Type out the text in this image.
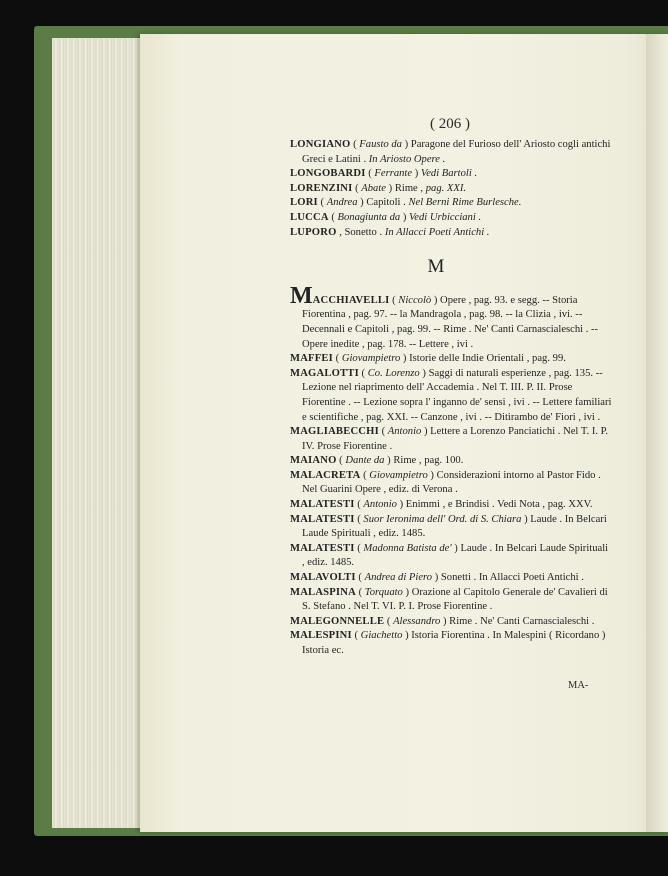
( 206 )

LONGIANO ( Fausto da ) Paragone del Furioso dell' Ariosto cogli antichi Greci e Latini . In Ariosto Opere .

LONGOBARDI ( Ferrante ) Vedi Bartoli .

LORENZINI ( Abate ) Rime , pag. XXI.

LORI ( Andrea ) Capitoli . Nel Berni Rime Burlesche.

LUCCA ( Bonagiunta da ) Vedi Urbicciani .

LUPORO , Sonetto . In Allacci Poeti Antichi .

M

MACCHIAVELLI ( Niccolò ) Opere , pag. 93. e segg. -- Storia Fiorentina , pag. 97. -- la Mandragola , pag. 98. -- la Clizia , ivi. -- Decennali e Capitoli , pag. 99. -- Rime . Ne' Canti Carnascialeschi . -- Opere inedite , pag. 178. -- Lettere , ivi .

MAFFEI ( Giovampietro ) Istorie delle Indie Orientali , pag. 99.

MAGALOTTI ( Co. Lorenzo ) Saggi di naturali esperienze , pag. 135. -- Lezione nel riaprimento dell' Accademia . Nel T. III. P. II. Prose Fiorentine . -- Lezione sopra l' inganno de' sensi , ivi . -- Lettere familiari e scientifiche , pag. XXI. -- Canzone , ivi . -- Ditirambo de' Fiori , ivi .

MAGLIABECCHI ( Antonio ) Lettere a Lorenzo Panciatichi . Nel T. I. P. IV. Prose Fiorentine .

MAIANO ( Dante da ) Rime , pag. 100.

MALACRETA ( Giovampietro ) Considerazioni intorno al Pastor Fido . Nel Guarini Opere , ediz. di Verona .

MALATESTI ( Antonio ) Enimmi , e Brindisi . Vedi Nota , pag. XXV.

MALATESTI ( Suor Ieronima dell' Ord. di S. Chiara ) Laude . In Belcari Laude Spirituali , ediz. 1485.

MALATESTI ( Madonna Batista de' ) Laude . In Belcari Laude Spirituali , ediz. 1485.

MALAVOLTI ( Andrea di Piero ) Sonetti . In Allacci Poeti Antichi .

MALASPINA ( Torquato ) Orazione al Capitolo Generale de' Cavalieri di S. Stefano . Nel T. VI. P. I. Prose Fiorentine .

MALEGONNELLE ( Alessandro ) Rime . Ne' Canti Carnascialeschi .

MALESPINI ( Giachetto ) Istoria Fiorentina . In Malespini ( Ricordano ) Istoria ec.

MA-
